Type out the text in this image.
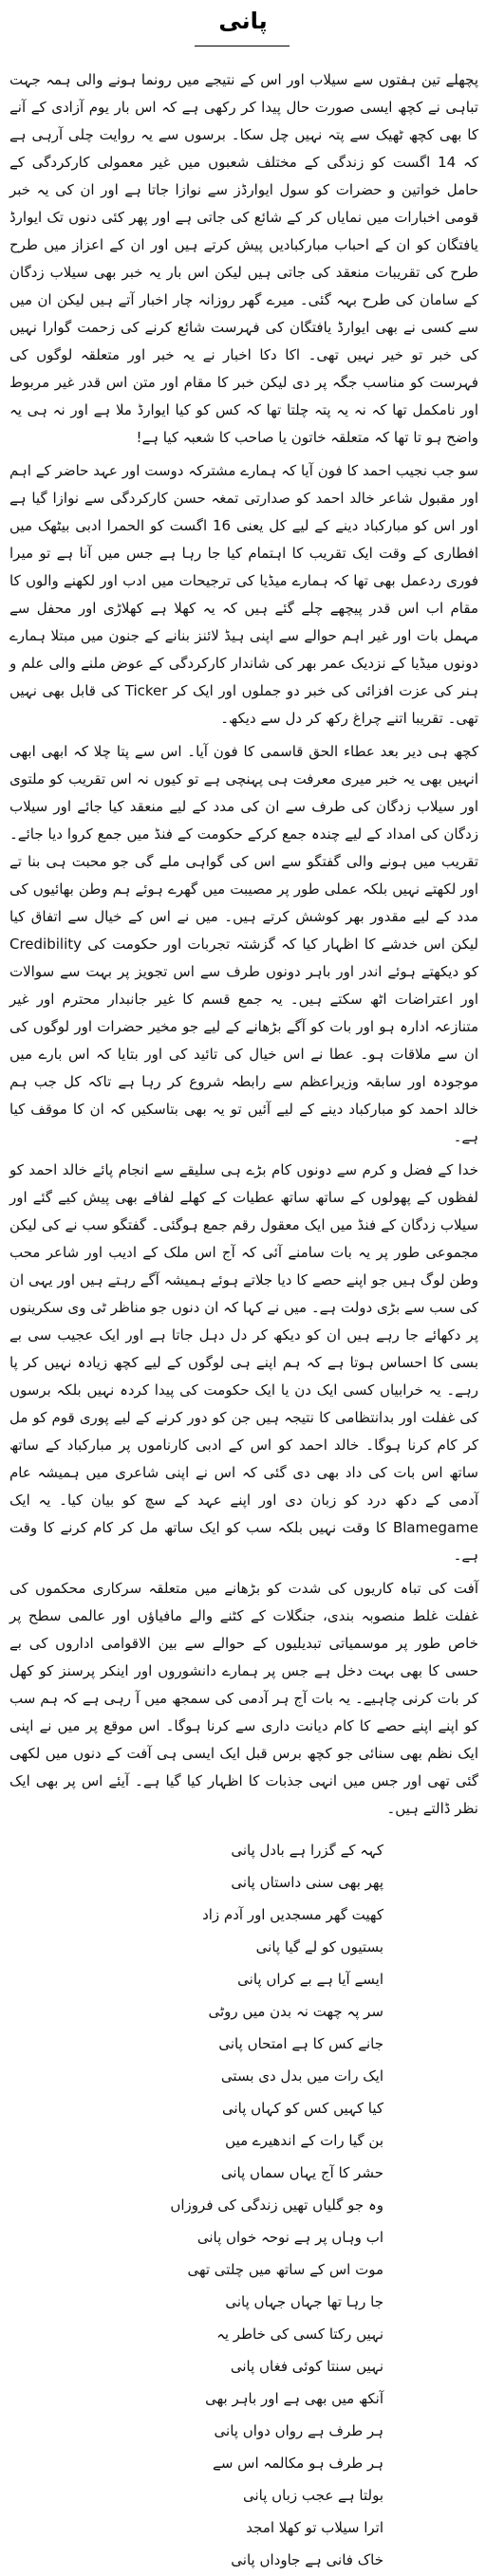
پانی

پچھلے تین ہفتوں سے سیلاب اور اس کے نتیجے میں رونما ہونے والی ہمہ جہت تباہی نے کچھ ایسی صورت حال پیدا کر رکھی ہے کہ اس بار یوم آزادی کے آنے کا بھی کچھ ٹھیک سے پتہ نہیں چل سکا۔ برسوں سے یہ روایت چلی آرہی ہے کہ 14 اگست کو زندگی کے مختلف شعبوں میں غیر معمولی کارکردگی کے حامل خواتین و حضرات کو سول ایوارڈز سے نوازا جاتا ہے اور ان کی یہ خبر قومی اخبارات میں نمایاں کر کے شائع کی جاتی ہے اور پھر کئی دنوں تک ایوارڈ یافتگان کو ان کے احباب مبارکبادیں پیش کرتے ہیں اور ان کے اعزاز میں طرح طرح کی تقریبات منعقد کی جاتی ہیں لیکن اس بار یہ خبر بھی سیلاب زدگان کے سامان کی طرح بہہ گئی۔ میرے گھر روزانہ چار اخبار آتے ہیں لیکن ان میں سے کسی نے بھی ایوارڈ یافتگان کی فہرست شائع کرنے کی زحمت گوارا نہیں کی خبر تو خیر نہیں تھی۔ اکا دکا اخبار نے یہ خبر اور متعلقہ لوگوں کی فہرست کو مناسب جگہ پر دی لیکن خبر کا مقام اور متن اس قدر غیر مربوط اور نامکمل تھا کہ نہ یہ پتہ چلتا تھا کہ کس کو کیا ایوارڈ ملا ہے اور نہ ہی یہ واضح ہو تا تھا کہ متعلقہ خاتون یا صاحب کا شعبہ کیا ہے!

سو جب نجیب احمد کا فون آیا کہ ہمارے مشترکہ دوست اور عہد حاضر کے اہم اور مقبول شاعر خالد احمد کو صدارتی تمغہ حسن کارکردگی سے نوازا گیا ہے اور اس کو مبارکباد دینے کے لیے کل یعنی 16 اگست کو الحمرا ادبی بیٹھک میں افطاری کے وقت ایک تقریب کا اہتمام کیا جا رہا ہے جس میں آنا ہے تو میرا فوری ردعمل بھی تھا کہ ہمارے میڈیا کی ترجیحات میں ادب اور لکھنے والوں کا مقام اب اس قدر پیچھے چلے گئے ہیں کہ یہ کھلا ہے کھلاڑی اور محفل سے مہمل بات اور غیر اہم حوالے سے اپنی ہیڈ لائنز بنانے کے جنون میں مبتلا ہمارے دونوں میڈیا کے نزدیک عمر بھر کی شاندار کارکردگی کے عوض ملنے والی علم و ہنر کی عزت افزائی کی خبر دو جملوں اور ایک کر Ticker کی قابل بھی نہیں تھی۔ تقریبا اتنے چراغ رکھ کر دل سے دیکھ۔

کچھ ہی دیر بعد عطاء الحق قاسمی کا فون آیا۔ اس سے پتا چلا کہ ابھی ابھی انہیں بھی یہ خبر میری معرفت ہی پہنچی ہے تو کیوں نہ اس تقریب کو ملتوی اور سیلاب زدگان کی طرف سے ان کی مدد کے لیے منعقد کیا جائے اور سیلاب زدگان کی امداد کے لیے چندہ جمع کرکے حکومت کے فنڈ میں جمع کروا دیا جائے۔ تقریب میں ہونے والی گفتگو سے اس کی گواہی ملے گی جو محبت ہی بنا تے اور لکھتے نہیں بلکہ عملی طور پر مصیبت میں گھرے ہوئے ہم وطن بھائیوں کی مدد کے لیے مقدور بھر کوشش کرتے ہیں۔ میں نے اس کے خیال سے اتفاق کیا لیکن اس خدشے کا اظہار کیا کہ گزشتہ تجربات اور حکومت کی Credibility کو دیکھتے ہوئے اندر اور باہر دونوں طرف سے اس تجویز پر بہت سے سوالات اور اعتراضات اٹھ سکتے ہیں۔ یہ جمع قسم کا غیر جانبدار محترم اور غیر متنازعہ ادارہ ہو اور بات کو آگے بڑھانے کے لیے جو مخیر حضرات اور لوگوں کی ان سے ملاقات ہو۔ عطا نے اس خیال کی تائید کی اور بتایا کہ اس بارے میں موجودہ اور سابقہ وزیراعظم سے رابطہ شروع کر رہا ہے تاکہ کل جب ہم خالد احمد کو مبارکباد دینے کے لیے آئیں تو یہ بھی بتاسکیں کہ ان کا موقف کیا ہے۔

خدا کے فضل و کرم سے دونوں کام بڑے ہی سلیقے سے انجام پائے خالد احمد کو لفظوں کے پھولوں کے ساتھ ساتھ عطیات کے کھلے لفافے بھی پیش کیے گئے اور سیلاب زدگان کے فنڈ میں ایک معقول رقم جمع ہوگئی۔ گفتگو سب نے کی لیکن مجموعی طور پر یہ بات سامنے آئی کہ آج اس ملک کے ادیب اور شاعر محب وطن لوگ ہیں جو اپنے حصے کا دیا جلاتے ہوئے ہمیشہ آگے رہتے ہیں اور یہی ان کی سب سے بڑی دولت ہے۔ میں نے کہا کہ ان دنوں جو مناظر ٹی وی سکرینوں پر دکھائے جا رہے ہیں ان کو دیکھ کر دل دہل جاتا ہے اور ایک عجیب سی بے بسی کا احساس ہوتا ہے کہ ہم اپنے ہی لوگوں کے لیے کچھ زیادہ نہیں کر پا رہے۔ یہ خرابیاں کسی ایک دن یا ایک حکومت کی پیدا کردہ نہیں بلکہ برسوں کی غفلت اور بدانتظامی کا نتیجہ ہیں جن کو دور کرنے کے لیے پوری قوم کو مل کر کام کرنا ہوگا۔ خالد احمد کو اس کے ادبی کارناموں پر مبارکباد کے ساتھ ساتھ اس بات کی داد بھی دی گئی کہ اس نے اپنی شاعری میں ہمیشہ عام آدمی کے دکھ درد کو زبان دی اور اپنے عہد کے سچ کو بیان کیا۔ یہ ایک Blamegame کا وقت نہیں بلکہ سب کو ایک ساتھ مل کر کام کرنے کا وقت ہے۔

آفت کی تباہ کاریوں کی شدت کو بڑھانے میں متعلقہ سرکاری محکموں کی غفلت غلط منصوبہ بندی، جنگلات کے کٹنے والے مافیاؤں اور عالمی سطح پر خاص طور پر موسمیاتی تبدیلیوں کے حوالے سے بین الاقوامی اداروں کی بے حسی کا بھی بہت دخل ہے جس پر ہمارے دانشوروں اور اینکر پرسنز کو کھل کر بات کرنی چاہیے۔ یہ بات آج ہر آدمی کی سمجھ میں آ رہی ہے کہ ہم سب کو اپنے اپنے حصے کا کام دیانت داری سے کرنا ہوگا۔ اس موقع پر میں نے اپنی ایک نظم بھی سنائی جو کچھ برس قبل ایک ایسی ہی آفت کے دنوں میں لکھی گئی تھی اور جس میں انہی جذبات کا اظہار کیا گیا ہے۔ آیئے اس پر بھی ایک نظر ڈالتے ہیں۔

کہہ کے گزرا ہے بادل پانی
پھر بھی سنی داستاں پانی
کھیت گھر مسجدیں اور آدم زاد
بستیوں کو لے گیا پانی
ایسے آیا ہے بے کراں پانی
سر پہ چھت نہ بدن میں روٹی
جانے کس کا ہے امتحاں پانی
ایک رات میں بدل دی بستی
کیا کہیں کس کو کہاں پانی
بن گیا رات کے اندھیرے میں
حشر کا آج یہاں سماں پانی
وہ جو گلیاں تھیں زندگی کی فروزاں
اب وہاں پر ہے نوحہ خواں پانی
موت اس کے ساتھ میں چلتی تھی
جا رہا تھا جہاں جہاں پانی
نہیں رکتا کسی کی خاطر یہ
نہیں سنتا کوئی فغاں پانی
آنکھ میں بھی ہے اور باہر بھی
ہر طرف ہے رواں دواں پانی
ہر طرف ہو مکالمہ اس سے
بولتا ہے عجب زباں پانی
اترا سیلاب تو کھلا امجد
خاک فانی ہے جاوداں پانی
